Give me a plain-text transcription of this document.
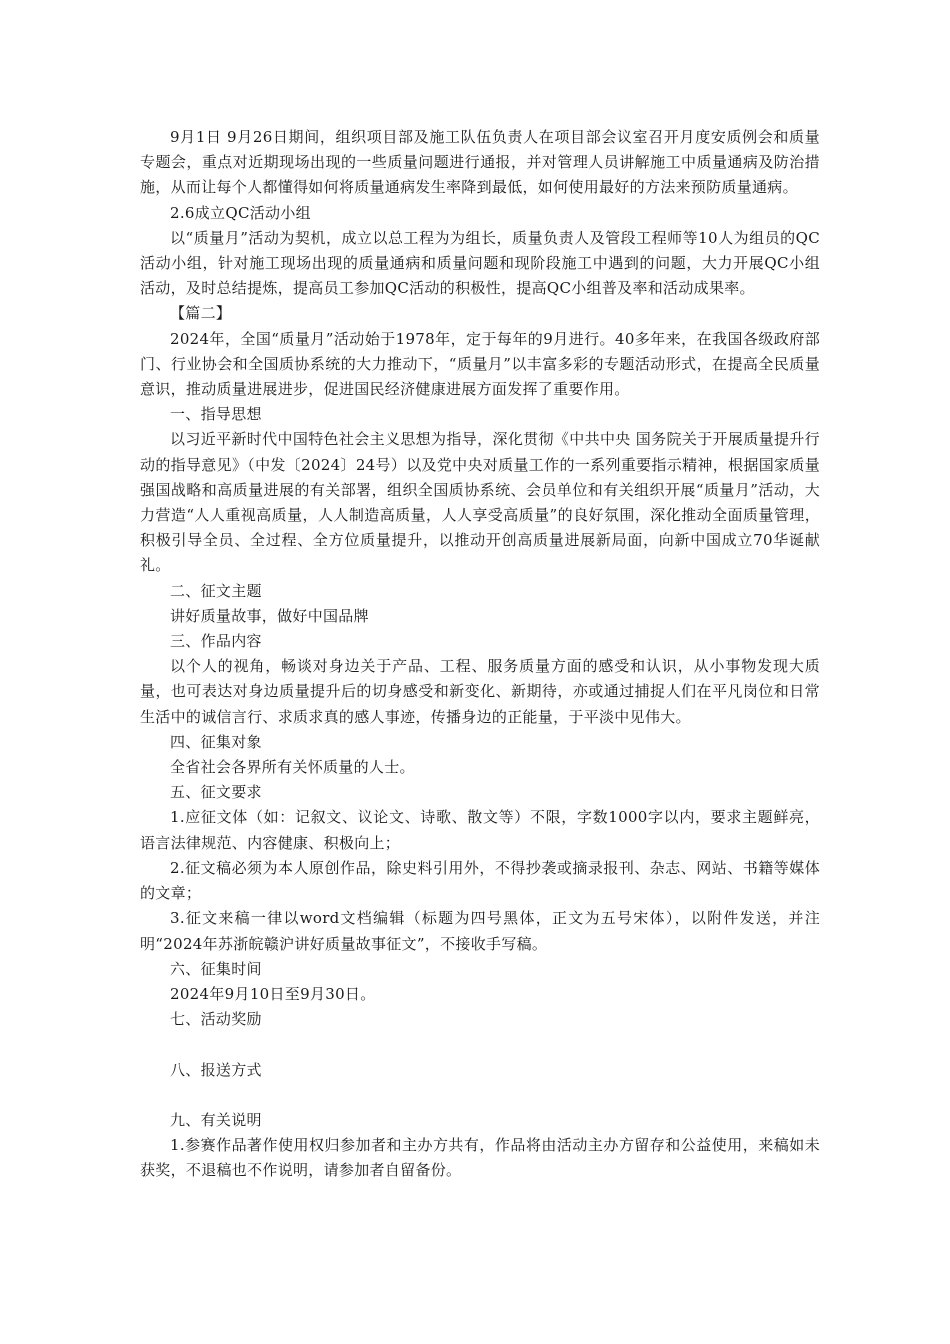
9月1日 9月26日期间，组织项目部及施工队伍负责人在项目部会议室召开月度安质例会和质量专题会，重点对近期现场出现的一些质量问题进行通报，并对管理人员讲解施工中质量通病及防治措施，从而让每个人都懂得如何将质量通病发生率降到最低，如何使用最好的方法来预防质量通病。

2.6成立QC活动小组

以“质量月”活动为契机，成立以总工程为为组长，质量负责人及管段工程师等10人为组员的QC活动小组，针对施工现场出现的质量通病和质量问题和现阶段施工中遇到的问题，大力开展QC小组活动，及时总结提炼，提高员工参加QC活动的积极性，提高QC小组普及率和活动成果率。

【篇二】

2024年，全国“质量月”活动始于1978年，定于每年的9月进行。40多年来，在我国各级政府部门、行业协会和全国质协系统的大力推动下，“质量月”以丰富多彩的专题活动形式，在提高全民质量意识，推动质量进展进步，促进国民经济健康进展方面发挥了重要作用。

一、指导思想

以习近平新时代中国特色社会主义思想为指导，深化贯彻《中共中央 国务院关于开展质量提升行动的指导意见》（中发〔2024〕24号）以及党中央对质量工作的一系列重要指示精神，根据国家质量强国战略和高质量进展的有关部署，组织全国质协系统、会员单位和有关组织开展“质量月”活动，大力营造“人人重视高质量，人人制造高质量，人人享受高质量”的良好氛围，深化推动全面质量管理，积极引导全员、全过程、全方位质量提升，以推动开创高质量进展新局面，向新中国成立70华诞献礼。

二、征文主题

讲好质量故事，做好中国品牌

三、作品内容

以个人的视角，畅谈对身边关于产品、工程、服务质量方面的感受和认识，从小事物发现大质量，也可表达对身边质量提升后的切身感受和新变化、新期待，亦或通过捕捉人们在平凡岗位和日常生活中的诚信言行、求质求真的感人事迹，传播身边的正能量，于平淡中见伟大。

四、征集对象

全省社会各界所有关怀质量的人士。

五、征文要求

1.应征文体（如：记叙文、议论文、诗歌、散文等）不限，字数1000字以内，要求主题鲜亮，语言法律规范、内容健康、积极向上；

2.征文稿必须为本人原创作品，除史料引用外，不得抄袭或摘录报刊、杂志、网站、书籍等媒体的文章；

3.征文来稿一律以word文档编辑（标题为四号黑体，正文为五号宋体），以附件发送，并注明“2024年苏浙皖赣沪讲好质量故事征文”，不接收手写稿。

六、征集时间

2024年9月10日至9月30日。

七、活动奖励

八、报送方式

九、有关说明

1.参赛作品著作使用权归参加者和主办方共有，作品将由活动主办方留存和公益使用，来稿如未获奖，不退稿也不作说明，请参加者自留备份。
